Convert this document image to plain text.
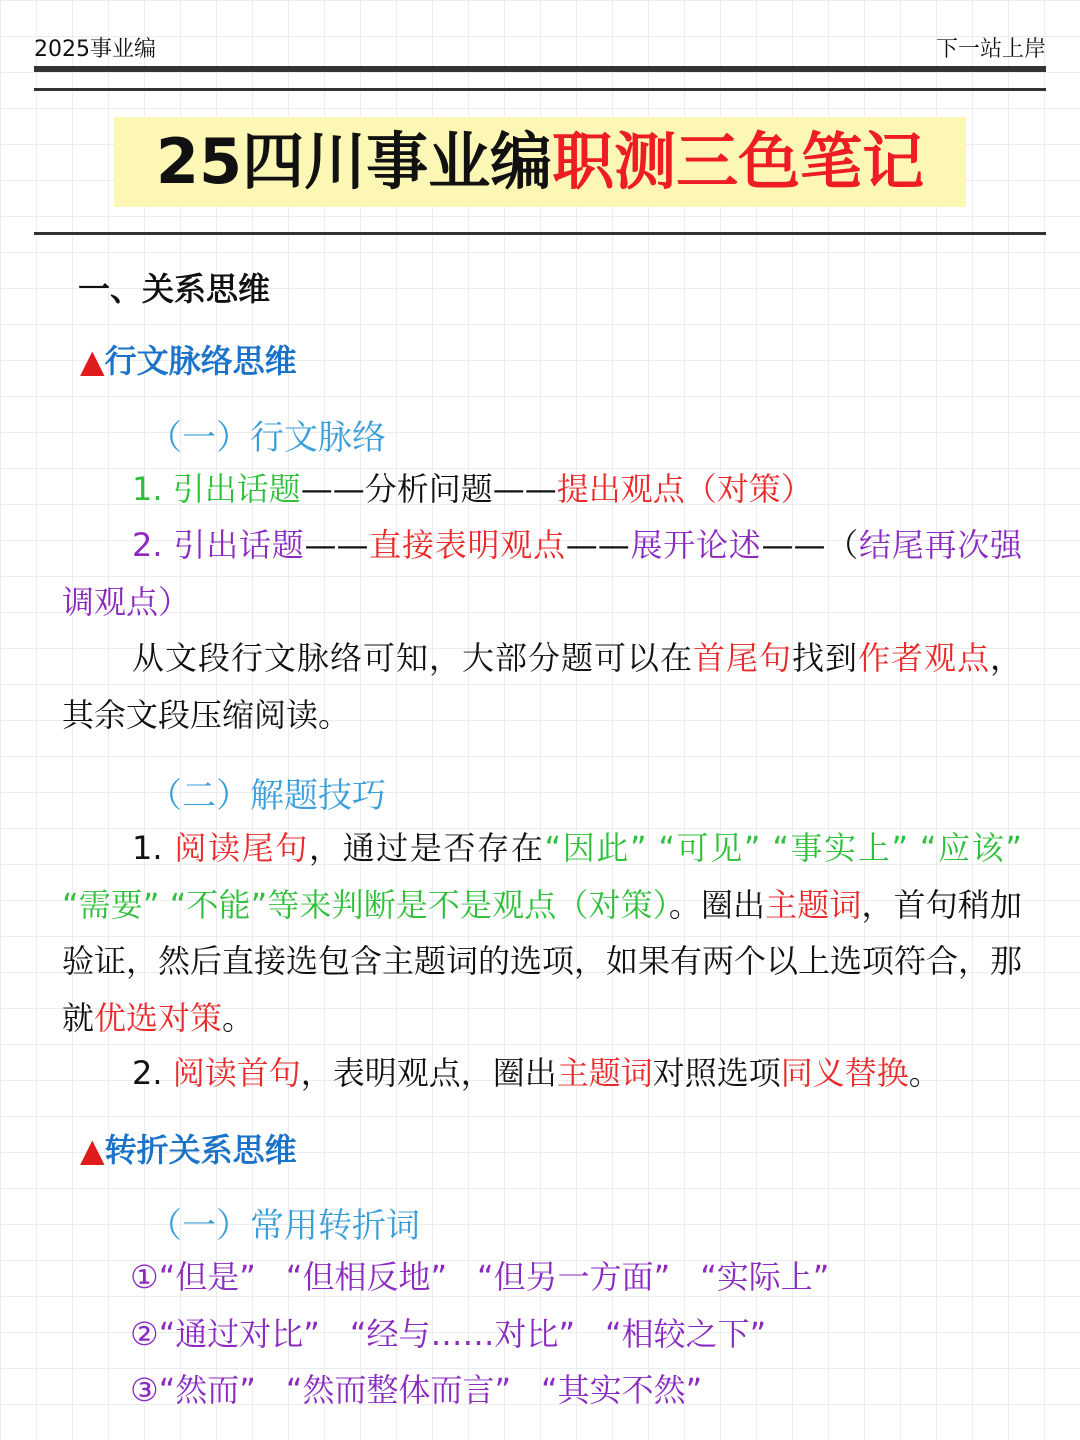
2025事业编	下一站上岸
25四川事业编职测三色笔记
一、关系思维
▲行文脉络思维
（一）行文脉络
1. 引出话题——分析问题——提出观点（对策）
2. 引出话题——直接表明观点——展开论述——（结尾再次强调观点）
从文段行文脉络可知，大部分题可以在首尾句找到作者观点，其余文段压缩阅读。
（二）解题技巧
1. 阅读尾句，通过是否存在“因此” “可见” “事实上” “应该” “需要” “不能”等来判断是不是观点（对策）。圈出主题词，首句稍加验证，然后直接选包含主题词的选项，如果有两个以上选项符合，那就优选对策。
2. 阅读首句，表明观点，圈出主题词对照选项同义替换。
▲转折关系思维
（一）常用转折词
①“但是” “但相反地” “但另一方面” “实际上”
②“通过对比” “经与……对比” “相较之下”
③“然而” “然而整体而言” “其实不然”
